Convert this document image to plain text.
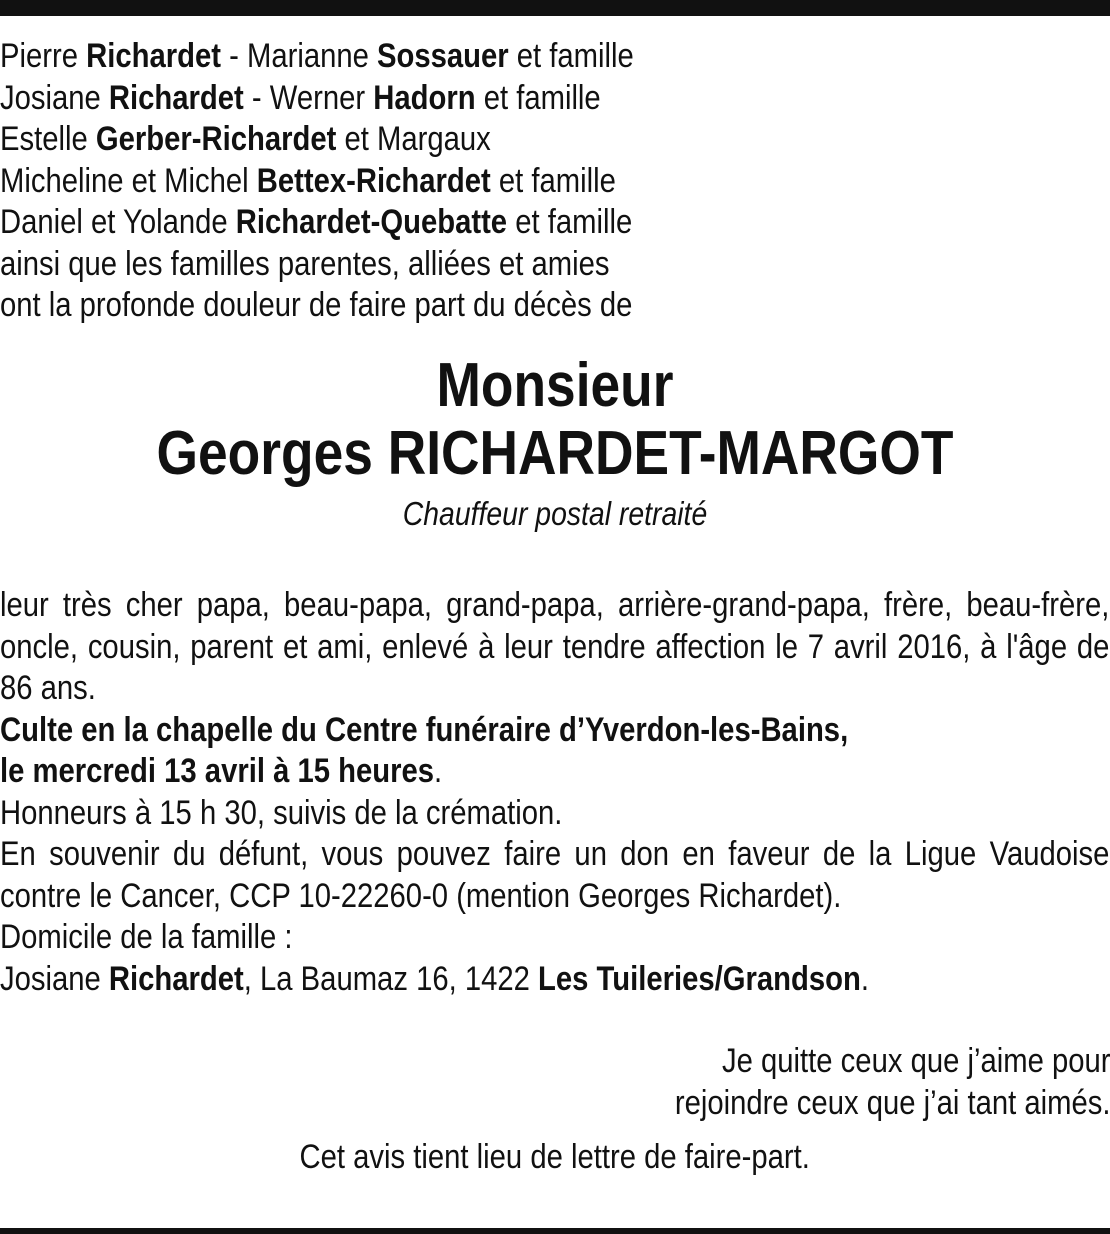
Pierre Richardet - Marianne Sossauer et famille
Josiane Richardet - Werner Hadorn et famille
Estelle Gerber-Richardet et Margaux
Micheline et Michel Bettex-Richardet et famille
Daniel et Yolande Richardet-Quebatte et famille
ainsi que les familles parentes, alliées et amies
ont la profonde douleur de faire part du décès de
Monsieur
Georges RICHARDET-MARGOT
Chauffeur postal retraité
leur très cher papa, beau-papa, grand-papa, arrière-grand-papa, frère, beau-frère, oncle, cousin, parent et ami, enlevé à leur tendre affection le 7 avril 2016, à l'âge de 86 ans.
Culte en la chapelle du Centre funéraire d’Yverdon-les-Bains,
le mercredi 13 avril à 15 heures.
Honneurs à 15 h 30, suivis de la crémation.
En souvenir du défunt, vous pouvez faire un don en faveur de la Ligue Vaudoise contre le Cancer, CCP 10-22260-0 (mention Georges Richardet).
Domicile de la famille :
Josiane Richardet, La Baumaz 16, 1422 Les Tuileries/Grandson.
Je quitte ceux que j’aime pour
rejoindre ceux que j’ai tant aimés.
Cet avis tient lieu de lettre de faire-part.
